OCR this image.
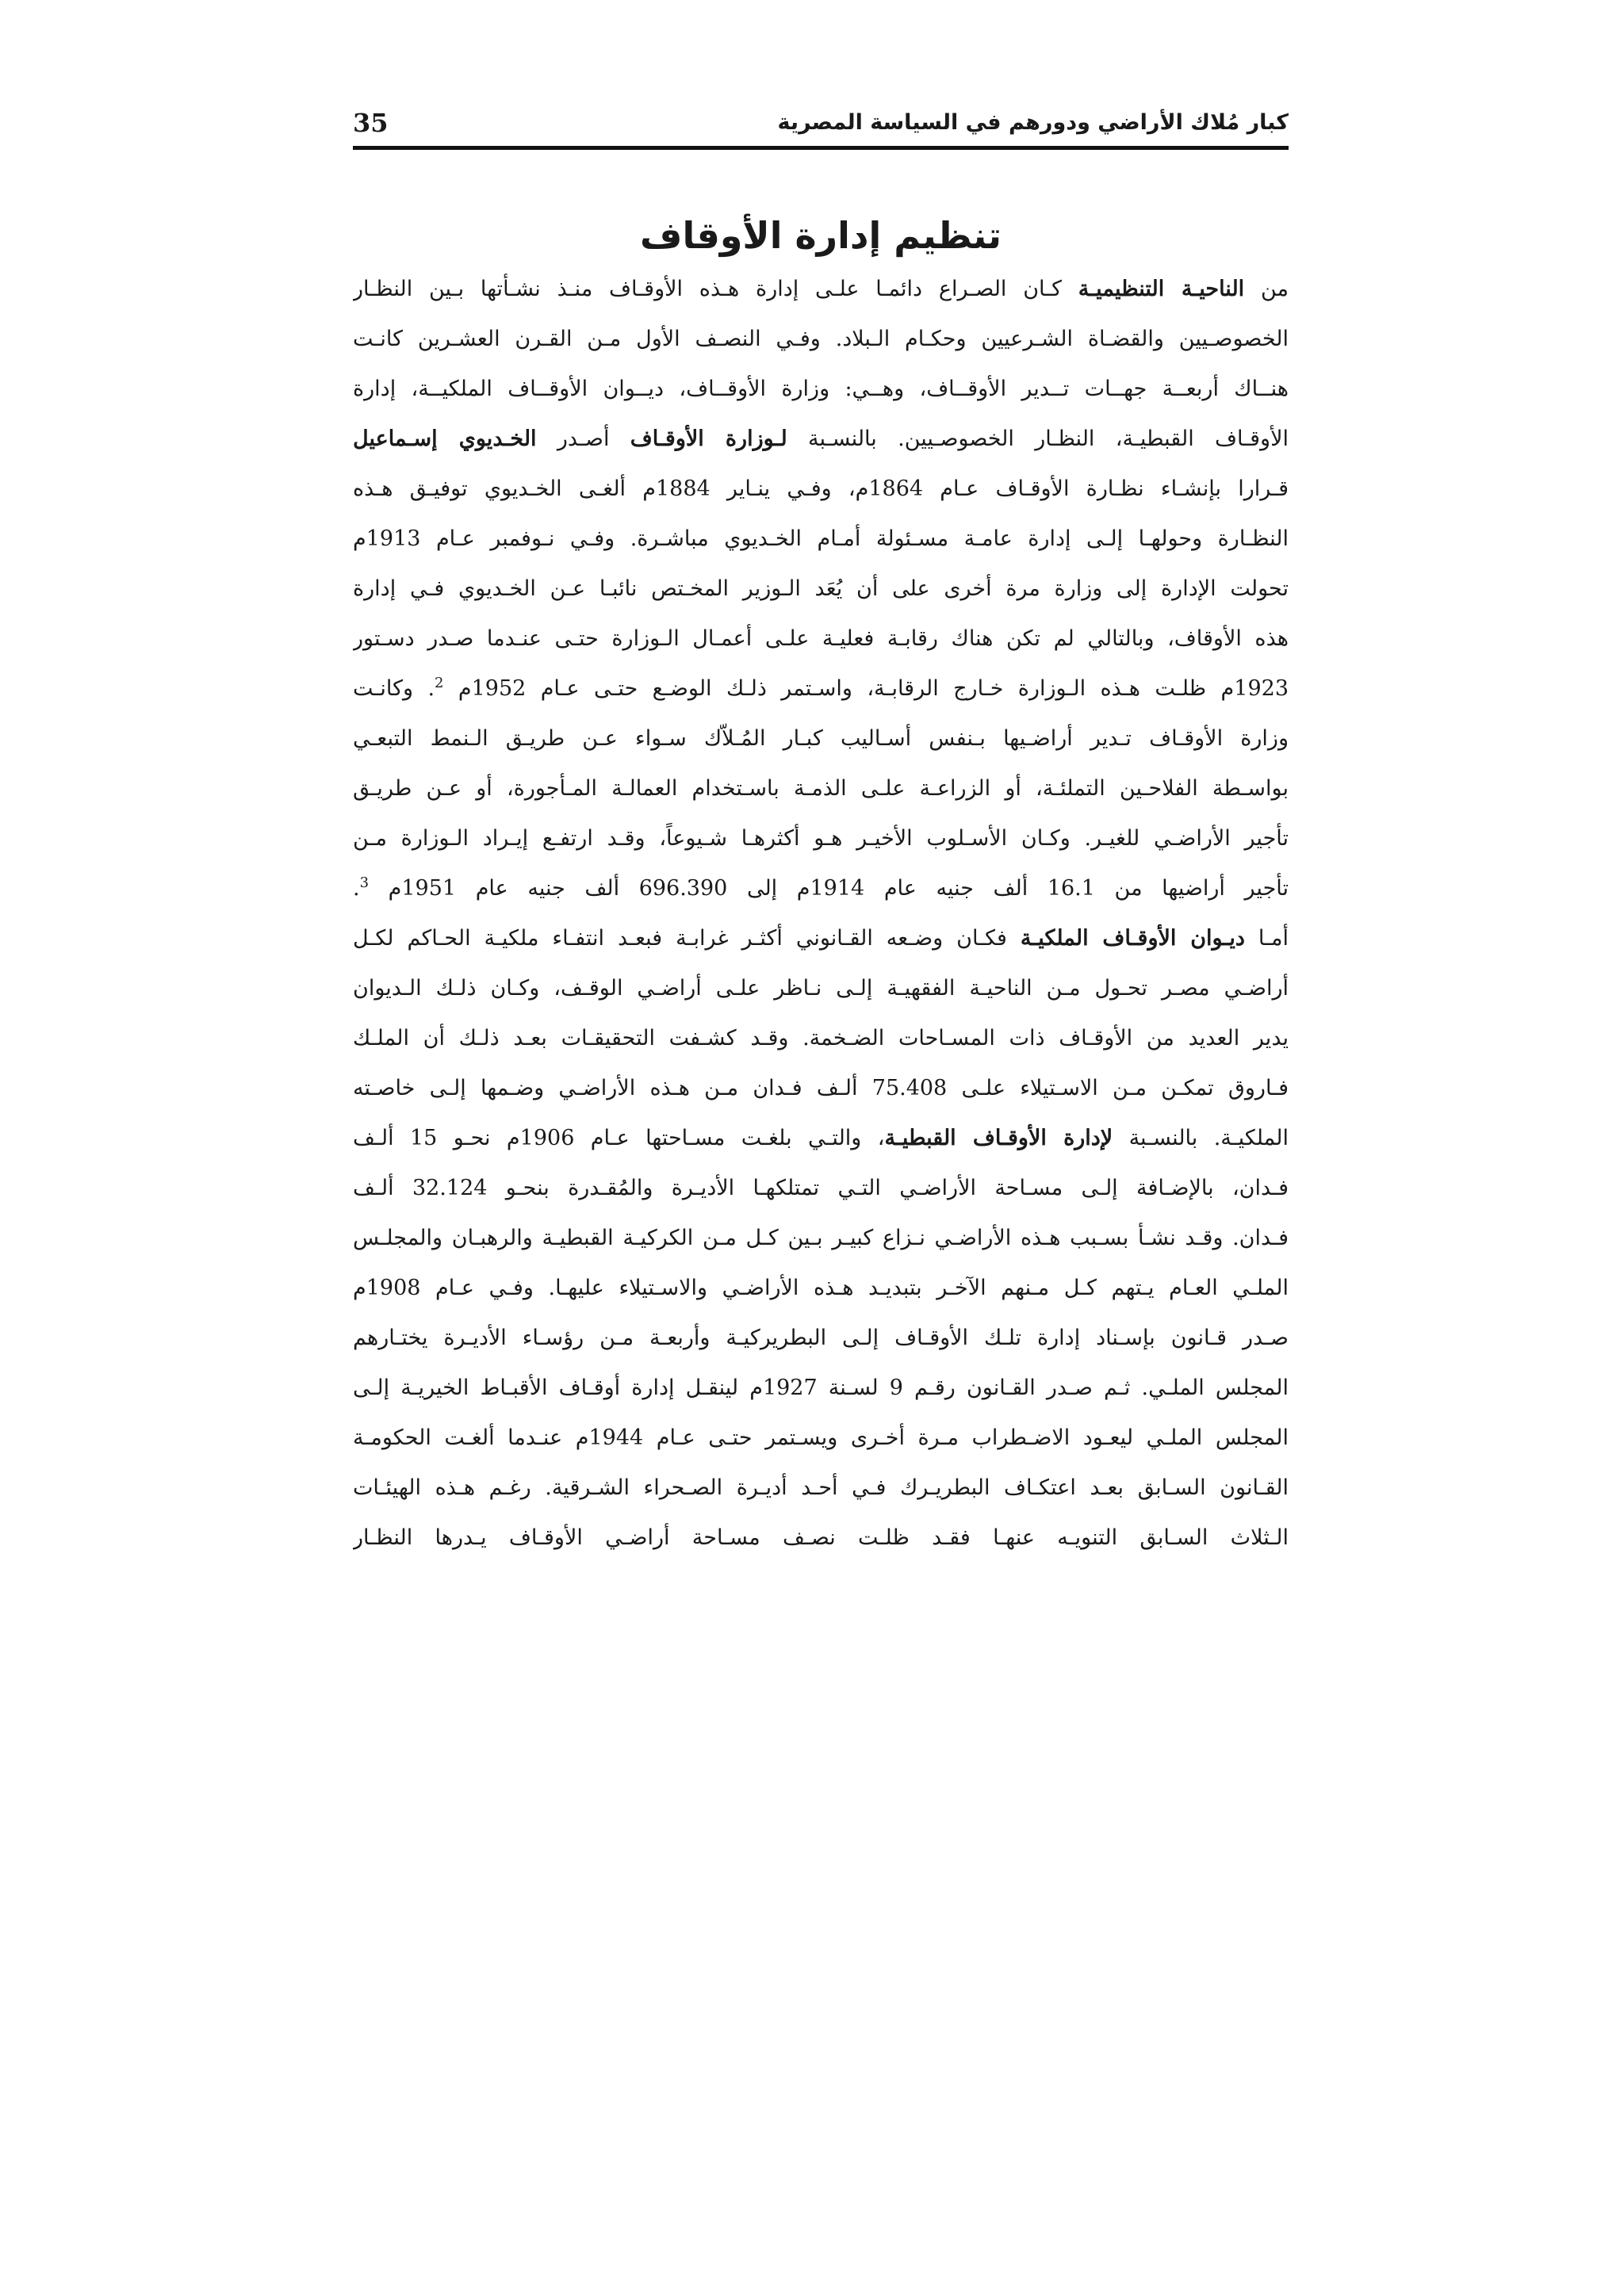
كبار مُلاك الأراضي ودورهم في السياسة المصرية
35
تنظيم إدارة الأوقاف
من الناحيـة التنظيميـة كـان الصـراع دائمـا علـى إدارة هـذه الأوقـاف منـذ نشـأتها بـين النظـار
الخصوصـيين والقضـاة الشـرعيين وحكـام الـبلاد. وفـي النصـف الأول مـن القـرن العشـرين كانـت
هنــاك أربعــة جهــات تــدير الأوقــاف، وهــي: وزارة الأوقــاف، ديــوان الأوقــاف الملكيــة، إدارة
الأوقـاف القبطيـة، النظـار الخصوصـيين. بالنسـبة لـوزارة الأوقـاف أصـدر الخـديوي إسـماعيل
قـرارا بإنشـاء نظـارة الأوقـاف عـام 1864م، وفـي ينـاير 1884م ألغـى الخـديوي توفيـق هـذه
النظـارة وحولهـا إلـى إدارة عامـة مسـئولة أمـام الخـديوي مباشـرة. وفـي نـوفمبر عـام 1913م
تحولت الإدارة إلى وزارة مرة أخرى على أن يُعَد الـوزير المخـتص نائبـا عـن الخـديوي فـي إدارة
هذه الأوقاف، وبالتالي لم تكن هناك رقابـة فعليـة علـى أعمـال الـوزارة حتـى عنـدما صـدر دسـتور
1923م ظلـت هـذه الـوزارة خـارج الرقابـة، واسـتمر ذلـك الوضـع حتـى عـام 1952م $^2$. وكانـت
وزارة الأوقـاف تـدير أراضـيها بـنفس أسـاليب كبـار المُـلاّك سـواء عـن طريـق الـنمط التبعـي
بواسـطة الفلاحـين التملئـة، أو الزراعـة علـى الذمـة باسـتخدام العمالـة المـأجورة، أو عـن طريـق
تأجير الأراضـي للغيـر. وكـان الأسـلوب الأخيـر هـو أكثرهـا شـيوعاً، وقـد ارتفـع إيـراد الـوزارة مـن
تأجير أراضيها من 16.1 ألف جنيه عام 1914م إلى 696.390 ألف جنيه عام 1951م $^3$.
أمـا ديـوان الأوقـاف الملكيـة فكـان وضـعه القـانوني أكثـر غرابـة فبعـد انتفـاء ملكيـة الحـاكم لكـل
أراضـي مصـر تحـول مـن الناحيـة الفقهيـة إلـى نـاظر علـى أراضـي الوقـف، وكـان ذلـك الـديوان
يدير العديد من الأوقـاف ذات المسـاحات الضـخمة. وقـد كشـفت التحقيقـات بعـد ذلـك أن الملـك
فـاروق تمكـن مـن الاسـتيلاء علـى 75.408 ألـف فـدان مـن هـذه الأراضـي وضـمها إلـى خاصـته
الملكيـة. بالنسـبة لإدارة الأوقـاف القبطيـة، والتـي بلغـت مسـاحتها عـام 1906م نحـو 15 ألـف
فـدان، بالإضـافة إلـى مسـاحة الأراضـي التـي تمتلكهـا الأديـرة والمُقـدرة بنحـو 32.124 ألـف
فـدان. وقـد نشـأ بسـبب هـذه الأراضـي نـزاع كبيـر بـين كـل مـن الكركيـة القبطيـة والرهبـان والمجلـس
الملـي العـام يـتهم كـل مـنهم الآخـر بتبديـد هـذه الأراضـي والاسـتيلاء عليهـا. وفـي عـام 1908م
صـدر قـانون بإسـناد إدارة تلـك الأوقـاف إلـى البطريركيـة وأربعـة مـن رؤسـاء الأديـرة يختـارهم
المجلس الملـي. ثـم صـدر القـانون رقـم 9 لسـنة 1927م لينقـل إدارة أوقـاف الأقبـاط الخيريـة إلـى
المجلس الملـي ليعـود الاضـطراب مـرة أخـرى ويسـتمر حتـى عـام 1944م عنـدما ألغـت الحكومـة
القـانون السـابق بعـد اعتكـاف البطريـرك فـي أحـد أديـرة الصـحراء الشـرقية. رغـم هـذه الهيئـات
الـثلاث السـابق التنويـه عنهـا فقـد ظلـت نصـف مسـاحة أراضـي الأوقـاف يـدرها النظـار
